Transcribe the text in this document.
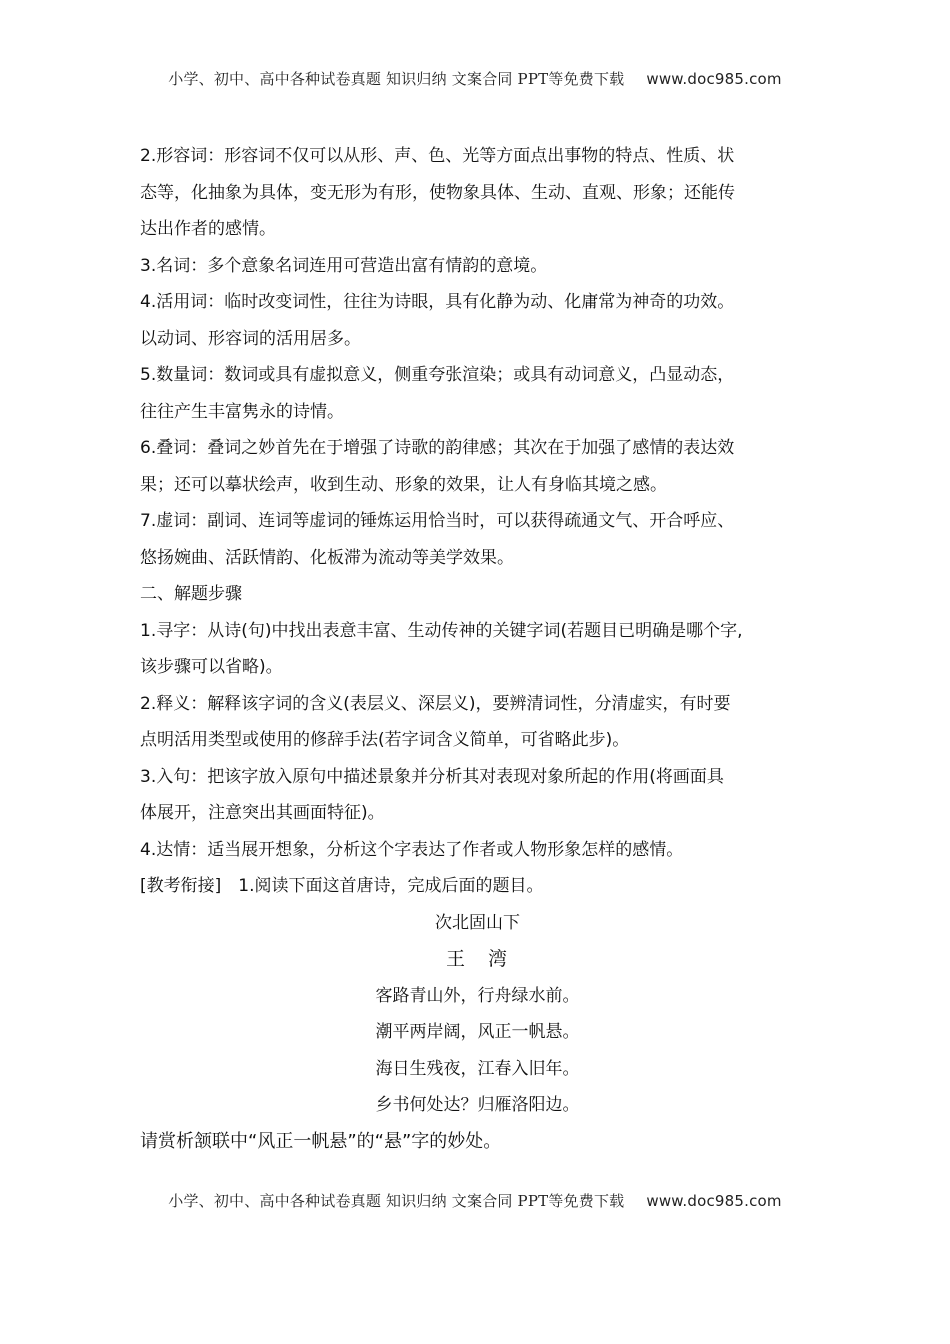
小学、初中、高中各种试卷真题 知识归纳 文案合同 PPT等免费下载 www.doc985.com
2.形容词：形容词不仅可以从形、声、色、光等方面点出事物的特点、性质、状
态等，化抽象为具体，变无形为有形，使物象具体、生动、直观、形象；还能传
达出作者的感情。
3.名词：多个意象名词连用可营造出富有情韵的意境。
4.活用词：临时改变词性，往往为诗眼，具有化静为动、化庸常为神奇的功效。
以动词、形容词的活用居多。
5.数量词：数词或具有虚拟意义，侧重夸张渲染；或具有动词意义，凸显动态，
往往产生丰富隽永的诗情。
6.叠词：叠词之妙首先在于增强了诗歌的韵律感；其次在于加强了感情的表达效
果；还可以摹状绘声，收到生动、形象的效果，让人有身临其境之感。
7.虚词：副词、连词等虚词的锤炼运用恰当时，可以获得疏通文气、开合呼应、
悠扬婉曲、活跃情韵、化板滞为流动等美学效果。
二、解题步骤
1.寻字：从诗(句)中找出表意丰富、生动传神的关键字词(若题目已明确是哪个字,
该步骤可以省略)。
2.释义：解释该字词的含义(表层义、深层义)，要辨清词性，分清虚实，有时要
点明活用类型或使用的修辞手法(若字词含义简单，可省略此步)。
3.入句：把该字放入原句中描述景象并分析其对表现对象所起的作用(将画面具
体展开，注意突出其画面特征)。
4.达情：适当展开想象，分析这个字表达了作者或人物形象怎样的感情。
[教考衔接]　1.阅读下面这首唐诗，完成后面的题目。
次北固山下
王　湾
客路青山外，行舟绿水前。
潮平两岸阔，风正一帆悬。
海日生残夜，江春入旧年。
乡书何处达？归雁洛阳边。
请赏析颔联中“风正一帆悬”的“悬”字的妙处。
小学、初中、高中各种试卷真题 知识归纳 文案合同 PPT等免费下载 www.doc985.com
